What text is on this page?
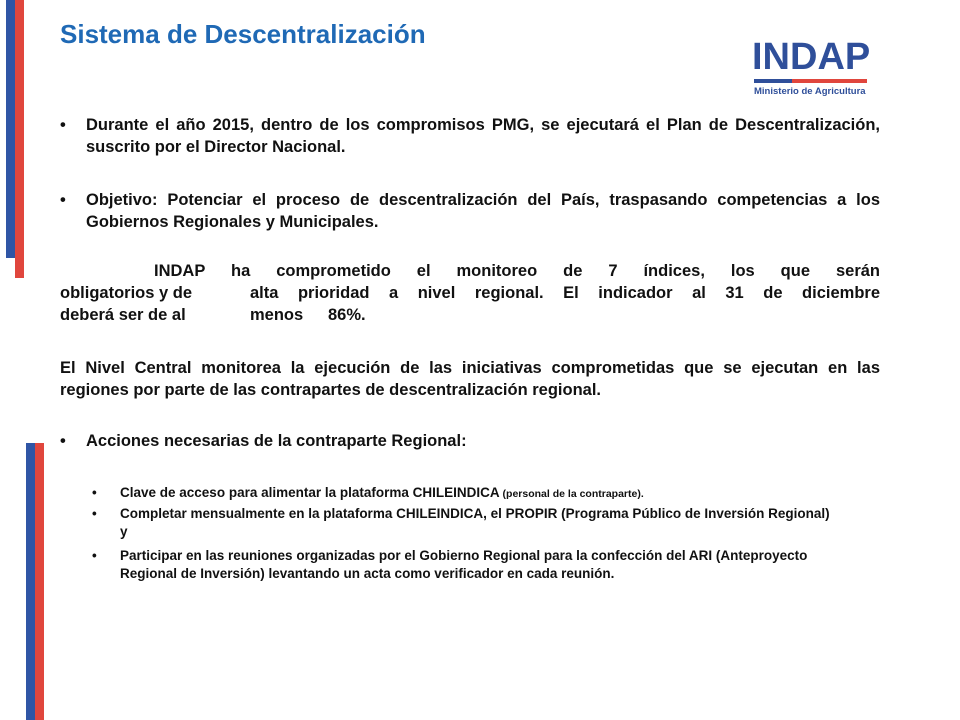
Sistema de Descentralización
INDAP
Ministerio de Agricultura
• Durante el año 2015, dentro de los compromisos PMG, se ejecutará el Plan de Descentralización, suscrito por el Director Nacional.
• Objetivo: Potenciar el proceso de descentralización del País, traspasando competencias a los Gobiernos Regionales y Municipales.
INDAP ha comprometido el monitoreo de 7 índices, los que serán
obligatorios y de	alta prioridad a nivel regional. El indicador al 31 de diciembre
deberá ser de al	menos 86%.
El Nivel Central monitorea la ejecución de las iniciativas comprometidas que se ejecutan en las regiones por parte de las contrapartes de descentralización regional.
• Acciones necesarias de la contraparte Regional:
• Clave de acceso para alimentar la plataforma CHILEINDICA (personal de la contraparte).
• Completar mensualmente en la plataforma CHILEINDICA, el PROPIR (Programa Público de Inversión Regional) y
• Participar en las reuniones organizadas por el Gobierno Regional para la confección del ARI (Anteproyecto Regional de Inversión) levantando un acta como verificador en cada reunión.
